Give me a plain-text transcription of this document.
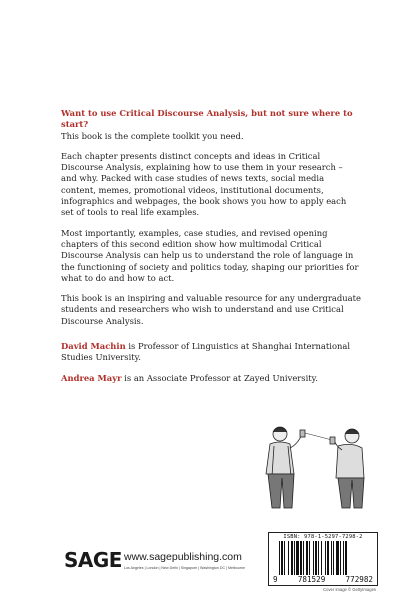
Want to use Critical Discourse Analysis, but not sure where to start?
This book is the complete toolkit you need.

Each chapter presents distinct concepts and ideas in Critical Discourse Analysis, explaining how to use them in your research – and why. Packed with case studies of news texts, social media content, memes, promotional videos, institutional documents, infographics and webpages, the book shows you how to apply each set of tools to real life examples.

Most importantly, examples, case studies, and revised opening chapters of this second edition show how multimodal Critical Discourse Analysis can help us to understand the role of language in the functioning of society and politics today, shaping our priorities for what to do and how to act.

This book is an inspiring and valuable resource for any undergraduate students and researchers who wish to understand and use Critical Discourse Analysis.

David Machin is Professor of Linguistics at Shanghai International Studies University.

Andrea Mayr is an Associate Professor at Zayed University.

SAGE www.sagepublishing.com
Los Angeles | London | New Delhi | Singapore | Washington DC | Melbourne
ISBN: 978-1-5297-7298-2
9	781529	772982
Cover image © GettyImages
